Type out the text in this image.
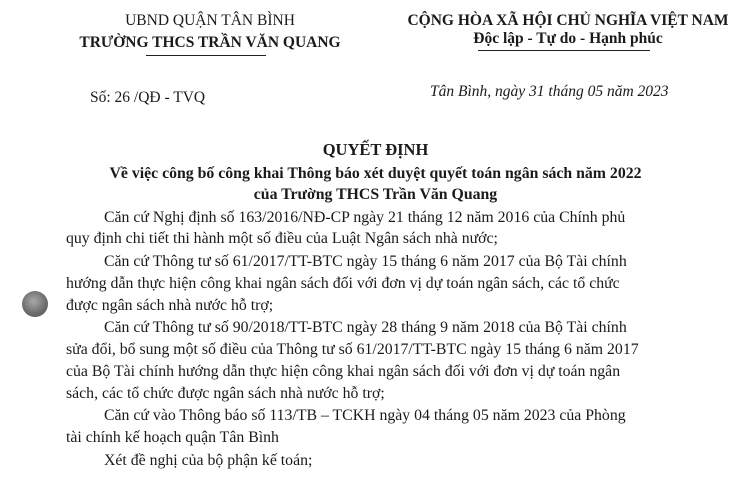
UBND QUẬN TÂN BÌNH
TRƯỜNG THCS TRẦN VĂN QUANG
CỘNG HÒA XÃ HỘI CHỦ NGHĨA VIỆT NAM
Độc lập - Tự do - Hạnh phúc
Số: 26 /QĐ - TVQ	Tân Bình, ngày 31 tháng 05 năm 2023
QUYẾT ĐỊNH
Về việc công bố công khai Thông báo xét duyệt quyết toán ngân sách năm 2022
của Trường THCS Trần Văn Quang
Căn cứ Nghị định số 163/2016/NĐ-CP ngày 21 tháng 12 năm 2016 của Chính phủ
quy định chi tiết thi hành một số điều của Luật Ngân sách nhà nước;
Căn cứ Thông tư số 61/2017/TT-BTC ngày 15 tháng 6 năm 2017 của Bộ Tài chính
hướng dẫn thực hiện công khai ngân sách đối với đơn vị dự toán ngân sách, các tổ chức
được ngân sách nhà nước hỗ trợ;
Căn cứ Thông tư số 90/2018/TT-BTC ngày 28 tháng 9 năm 2018 của Bộ Tài chính
sửa đổi, bổ sung một số điều của Thông tư số 61/2017/TT-BTC ngày 15 tháng 6 năm 2017
của Bộ Tài chính hướng dẫn thực hiện công khai ngân sách đối với đơn vị dự toán ngân
sách, các tổ chức được ngân sách nhà nước hỗ trợ;
Căn cứ vào Thông báo số 113/TB – TCKH ngày 04 tháng 05 năm 2023 của Phòng
tài chính kế hoạch quận Tân Bình
Xét đề nghị của bộ phận kế toán;
